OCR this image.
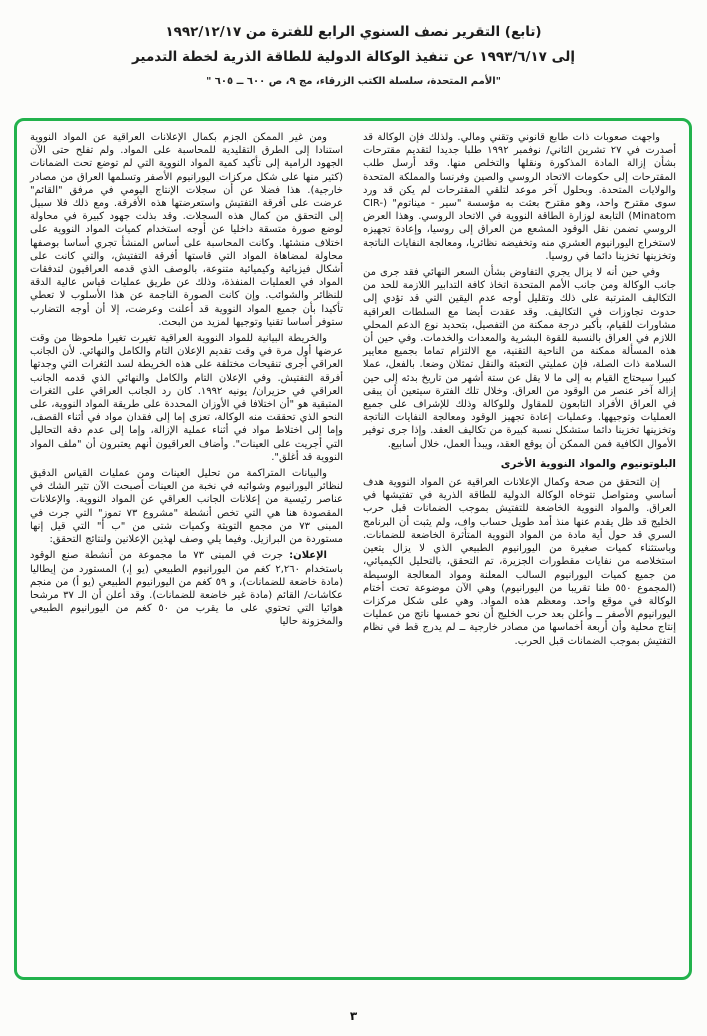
(تابع) التقرير نصف السنوي الرابع للفترة من ١٩٩٢/١٢/١٧
إلى ١٩٩٣/٦/١٧ عن تنفيذ الوكالة الدولية للطاقة الذرية لخطة التدمير
"الأمم المتحدة، سلسلة الكتب الزرقاء، مج ٩، ص ٦٠٠ ــ ٦٠٥ "

واجهت صعوبات ذات طابع قانوني وتقني ومالي. ولذلك فإن الوكالة قد أصدرت في ٢٧ تشرين الثاني/ نوفمبر ١٩٩٢ طلبا جديدا لتقديم مقترحات بشأن إزالة المادة المذكورة ونقلها والتخلص منها. وقد أرسل طلب المقترحات إلى حكومات الاتحاد الروسي والصين وفرنسا والمملكة المتحدة والولايات المتحدة. وبحلول آخر موعد لتلقي المقترحات لم يكن قد ورد سوى مقترح واحد، وهو مقترح بعثت به مؤسسة "سير - ميناتوم" (CIR-Minatom) التابعة لوزارة الطاقة النووية في الاتحاد الروسي. وهذا العرض الروسي تضمن نقل الوقود المشعع من العراق إلى روسيا، وإعادة تجهيزه لاستخراج اليورانيوم العشري منه وتخفيضه نظائريا، ومعالجة النفايات الناتجة وتخزينها تخزينا دائما في روسيا.

وفي حين أنه لا يزال يجري التفاوض بشأن السعر النهائي فقد جرى من جانب الوكالة ومن جانب الأمم المتحدة اتخاذ كافة التدابير اللازمة للحد من التكاليف المترتبة على ذلك وتقليل أوجه عدم اليقين التي قد تؤدي إلى حدوث تجاوزات في التكاليف. وقد عقدت أيضا مع السلطات العراقية مشاورات للقيام، بأكبر درجة ممكنة من التفصيل، بتحديد نوع الدعم المحلي اللازم في العراق بالنسبة للقوة البشرية والمعدات والخدمات. وفي حين أن هذه المسألة ممكنة من الناحية التقنية، مع الالتزام تماما بجميع معايير السلامة ذات الصلة، فإن عمليتي التعبئة والنقل تمثلان وضعا. بالفعل، عملا كبيرا سيحتاج القيام به إلى ما لا يقل عن ستة أشهر من تاريخ بدئه إلى حين إزالة آخر عنصر من الوقود من العراق. وخلال تلك الفترة سيتعين أن يبقى في العراق الأفراد التابعون للمقاول وللوكالة وذلك للإشراف على جميع العمليات وتوجيهها. وعمليات إعادة تجهيز الوقود ومعالجة النفايات الناتجة وتخزينها تخزينا دائما ستشكل نسبة كبيرة من تكاليف العقد. وإذا جرى توفير الأموال الكافية فمن الممكن أن يوقع العقد، ويبدأ العمل، خلال أسابيع.

البلوتونيوم والمواد النووية الأخرى

إن التحقق من صحة وكمال الإعلانات العراقية عن المواد النووية هدف أساسي ومتواصل تتوخاه الوكالة الدولية للطاقة الذرية في تفتيشها في العراق. والمواد النووية الخاضعة للتفتيش بموجب الضمانات قبل حرب الخليج قد ظل يقدم عنها منذ أمد طويل حساب واف، ولم يثبت أن البرنامج السري قد حول أية مادة من المواد النووية المتأثرة الخاضعة للضمانات. وباستثناء كميات صغيرة من اليورانيوم الطبيعي الذي لا يزال يتعين استخلاصه من نفايات مقطورات الجزيرة، تم التحقق، بالتحليل الكيميائي، من جميع كميات اليورانيوم السالب المعلنة ومواد المعالجة الوسيطة (المجموع ٥٥٠ طنا تقريبا من اليورانيوم) وهي الآن موضوعة تحت أختام الوكالة في موقع واحد. ومعظم هذه المواد. وهي على شكل مركزات اليورانيوم الأصفر ــ وأعلن بعد حرب الخليج أن نحو خمسها ناتج من عمليات إنتاج محلية وأن أربعة أخماسها من مصادر خارجية ــ لم يدرج قط في نظام التفتيش بموجب الضمانات قبل الحرب.

ومن غير الممكن الجزم بكمال الإعلانات العراقية عن المواد النووية استنادا إلى الطرق التقليدية للمحاسبة على المواد. ولم تفلح حتى الآن الجهود الرامية إلى تأكيد كمية المواد النووية التي لم توضع تحت الضمانات (كثير منها على شكل مركزات اليورانيوم الأصفر وتسلمها العراق من مصادر خارجية). هذا فضلا عن أن سجلات الإنتاج اليومي في مرفق "القائم" عرضت على أفرقة التفتيش واستعرضتها هذه الأفرقة. ومع ذلك فلا سبيل إلى التحقق من كمال هذه السجلات. وقد بذلت جهود كبيرة في محاولة لوضع صورة متسقة داخليا عن أوجه استخدام كميات المواد النووية على اختلاف منشئها. وكانت المحاسبة على أساس المنشأ تجري أساسا بوصفها محاولة لمضاهاة المواد التي قاستها أفرقة التفتيش، والتي كانت على أشكال فيزيائية وكيميائية متنوعة، بالوصف الذي قدمه العراقيون لتدفقات المواد في العمليات المنفذة، وذلك عن طريق عمليات قياس عالية الدقة للنظائر والشوائب. وإن كانت الصورة الناجمة عن هذا الأسلوب لا تعطي تأكيدا بأن جميع المواد النووية قد أعلنت وعرضت، إلا أن أوجه التضارب ستوفر أساسا تقنيا وتوجيها لمزيد من البحث.

والخريطة البيانية للمواد النووية العراقية تغيرت تغيرا ملحوظا من وقت عرضها أول مرة في وقت تقديم الإعلان التام والكامل والنهائي. لأن الجانب العراقي أجرى تنقيحات مختلفة على هذه الخريطة لسد الثغرات التي وجدتها أفرقة التفتيش. وفي الإعلان التام والكامل والنهائي الذي قدمه الجانب العراقي في حزيران/ يونيه ١٩٩٢. كان رد الجانب العراقي على الثغرات المتبقية هو "أن اختلافا في الأوزان المحددة على طريقة المواد النووية، على النحو الذي تحققت منه الوكالة، تعزى إما إلى فقدان مواد في أثناء القصف، وإما إلى اختلاط مواد في أثناء عملية الإزالة، وإما إلى عدم دقة التحاليل التي أجريت على العينات". وأضاف العراقيون أنهم يعتبرون أن "ملف المواد النووية قد أغلق".

والبيانات المتراكمة من تحليل العينات ومن عمليات القياس الدقيق لنظائر اليورانيوم وشوائبه في نخبة من العينات أصبحت الآن تثير الشك في عناصر رئيسية من إعلانات الجانب العراقي عن المواد النووية. والإعلانات المقصودة هنا هي التي تخص أنشطة "مشروع ٧٣ تموز" التي جرت في المبنى ٧٣ من مجمع التويثة وكميات شتى من "ب أ" التي قيل إنها مستوردة من البرازيل. وفيما يلي وصف لهذين الإعلانين ولنتائج التحقق:

الإعلان: جرت في المبنى ٧٣ ما مجموعة من أنشطة صنع الوقود باستخدام ٢,٢٦٠ كغم من اليورانيوم الطبيعي (يو إ،) المستورد من إيطاليا (مادة خاضعة للضمانات)، و ٥٩ كغم من اليورانيوم الطبيعي (يو أ) من منجم عكاشات/ القائم (مادة غير خاضعة للضمانات). وقد أعلن أن الـ ٣٧ مرشحا هوائيا التي تحتوي على ما يقرب من ٥٠ كغم من اليورانيوم الطبيعي والمخزونة حاليا

٣
